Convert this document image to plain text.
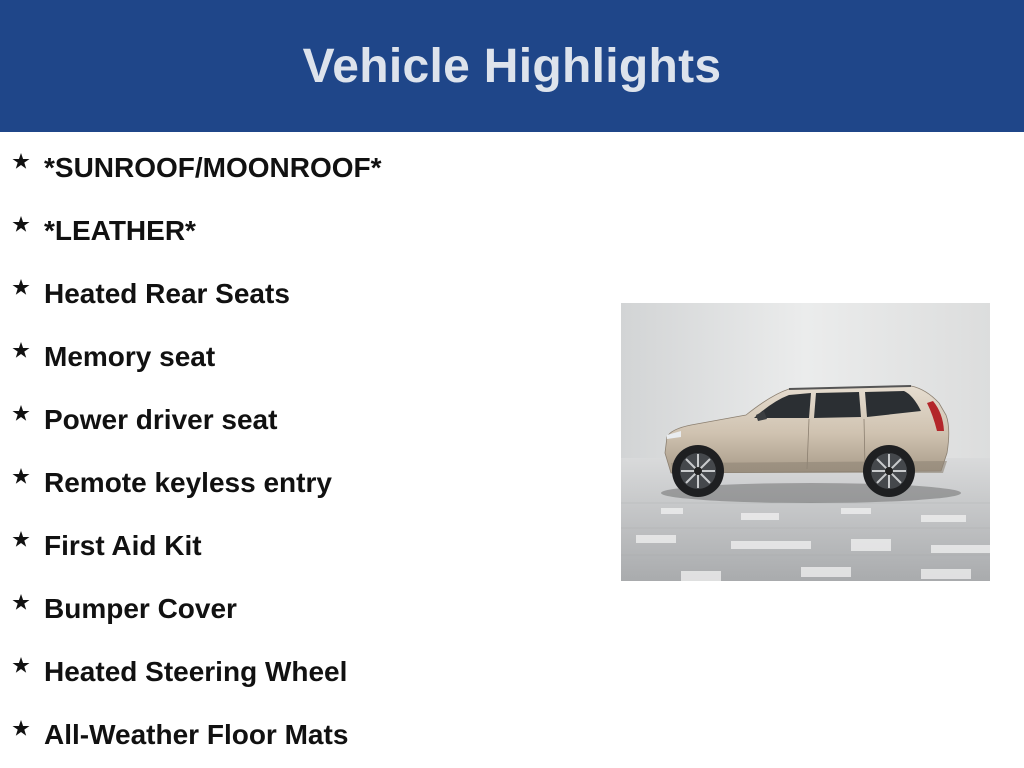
Vehicle Highlights
*SUNROOF/MOONROOF*
*LEATHER*
Heated Rear Seats
Memory seat
Power driver seat
Remote keyless entry
First Aid Kit
Bumper Cover
Heated Steering Wheel
All-Weather Floor Mats
